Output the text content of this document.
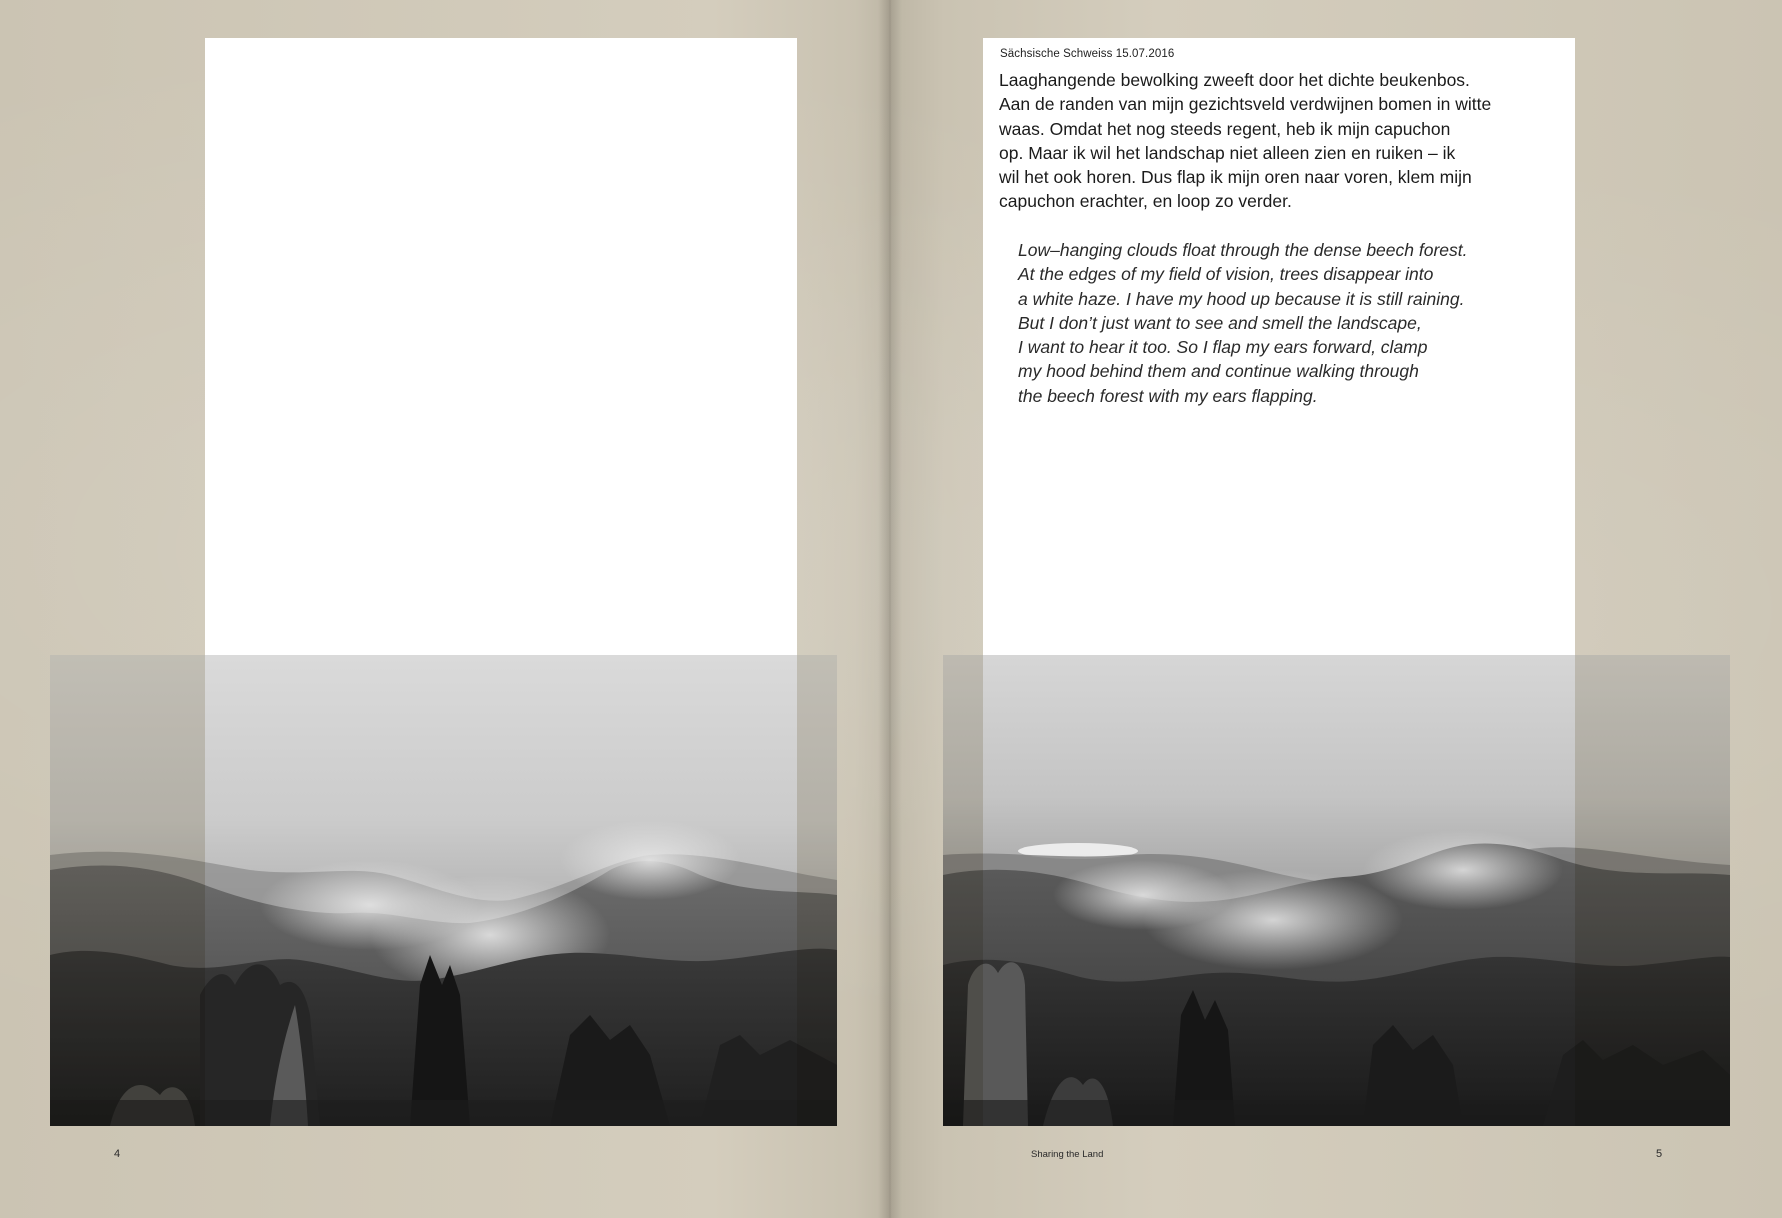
4
Sächsische Schweiss 15.07.2016

Laaghangende bewolking zweeft door het dichte beukenbos.
Aan de randen van mijn gezichtsveld verdwijnen bomen in witte
waas. Omdat het nog steeds regent, heb ik mijn capuchon
op. Maar ik wil het landschap niet alleen zien en ruiken – ik
wil het ook horen. Dus flap ik mijn oren naar voren, klem mijn
capuchon erachter, en loop zo verder.

Low–hanging clouds float through the dense beech forest.
At the edges of my field of vision, trees disappear into
a white haze. I have my hood up because it is still raining.
But I don’t just want to see and smell the landscape,
I want to hear it too. So I flap my ears forward, clamp
my hood behind them and continue walking through
the beech forest with my ears flapping.

Sharing the Land	5
